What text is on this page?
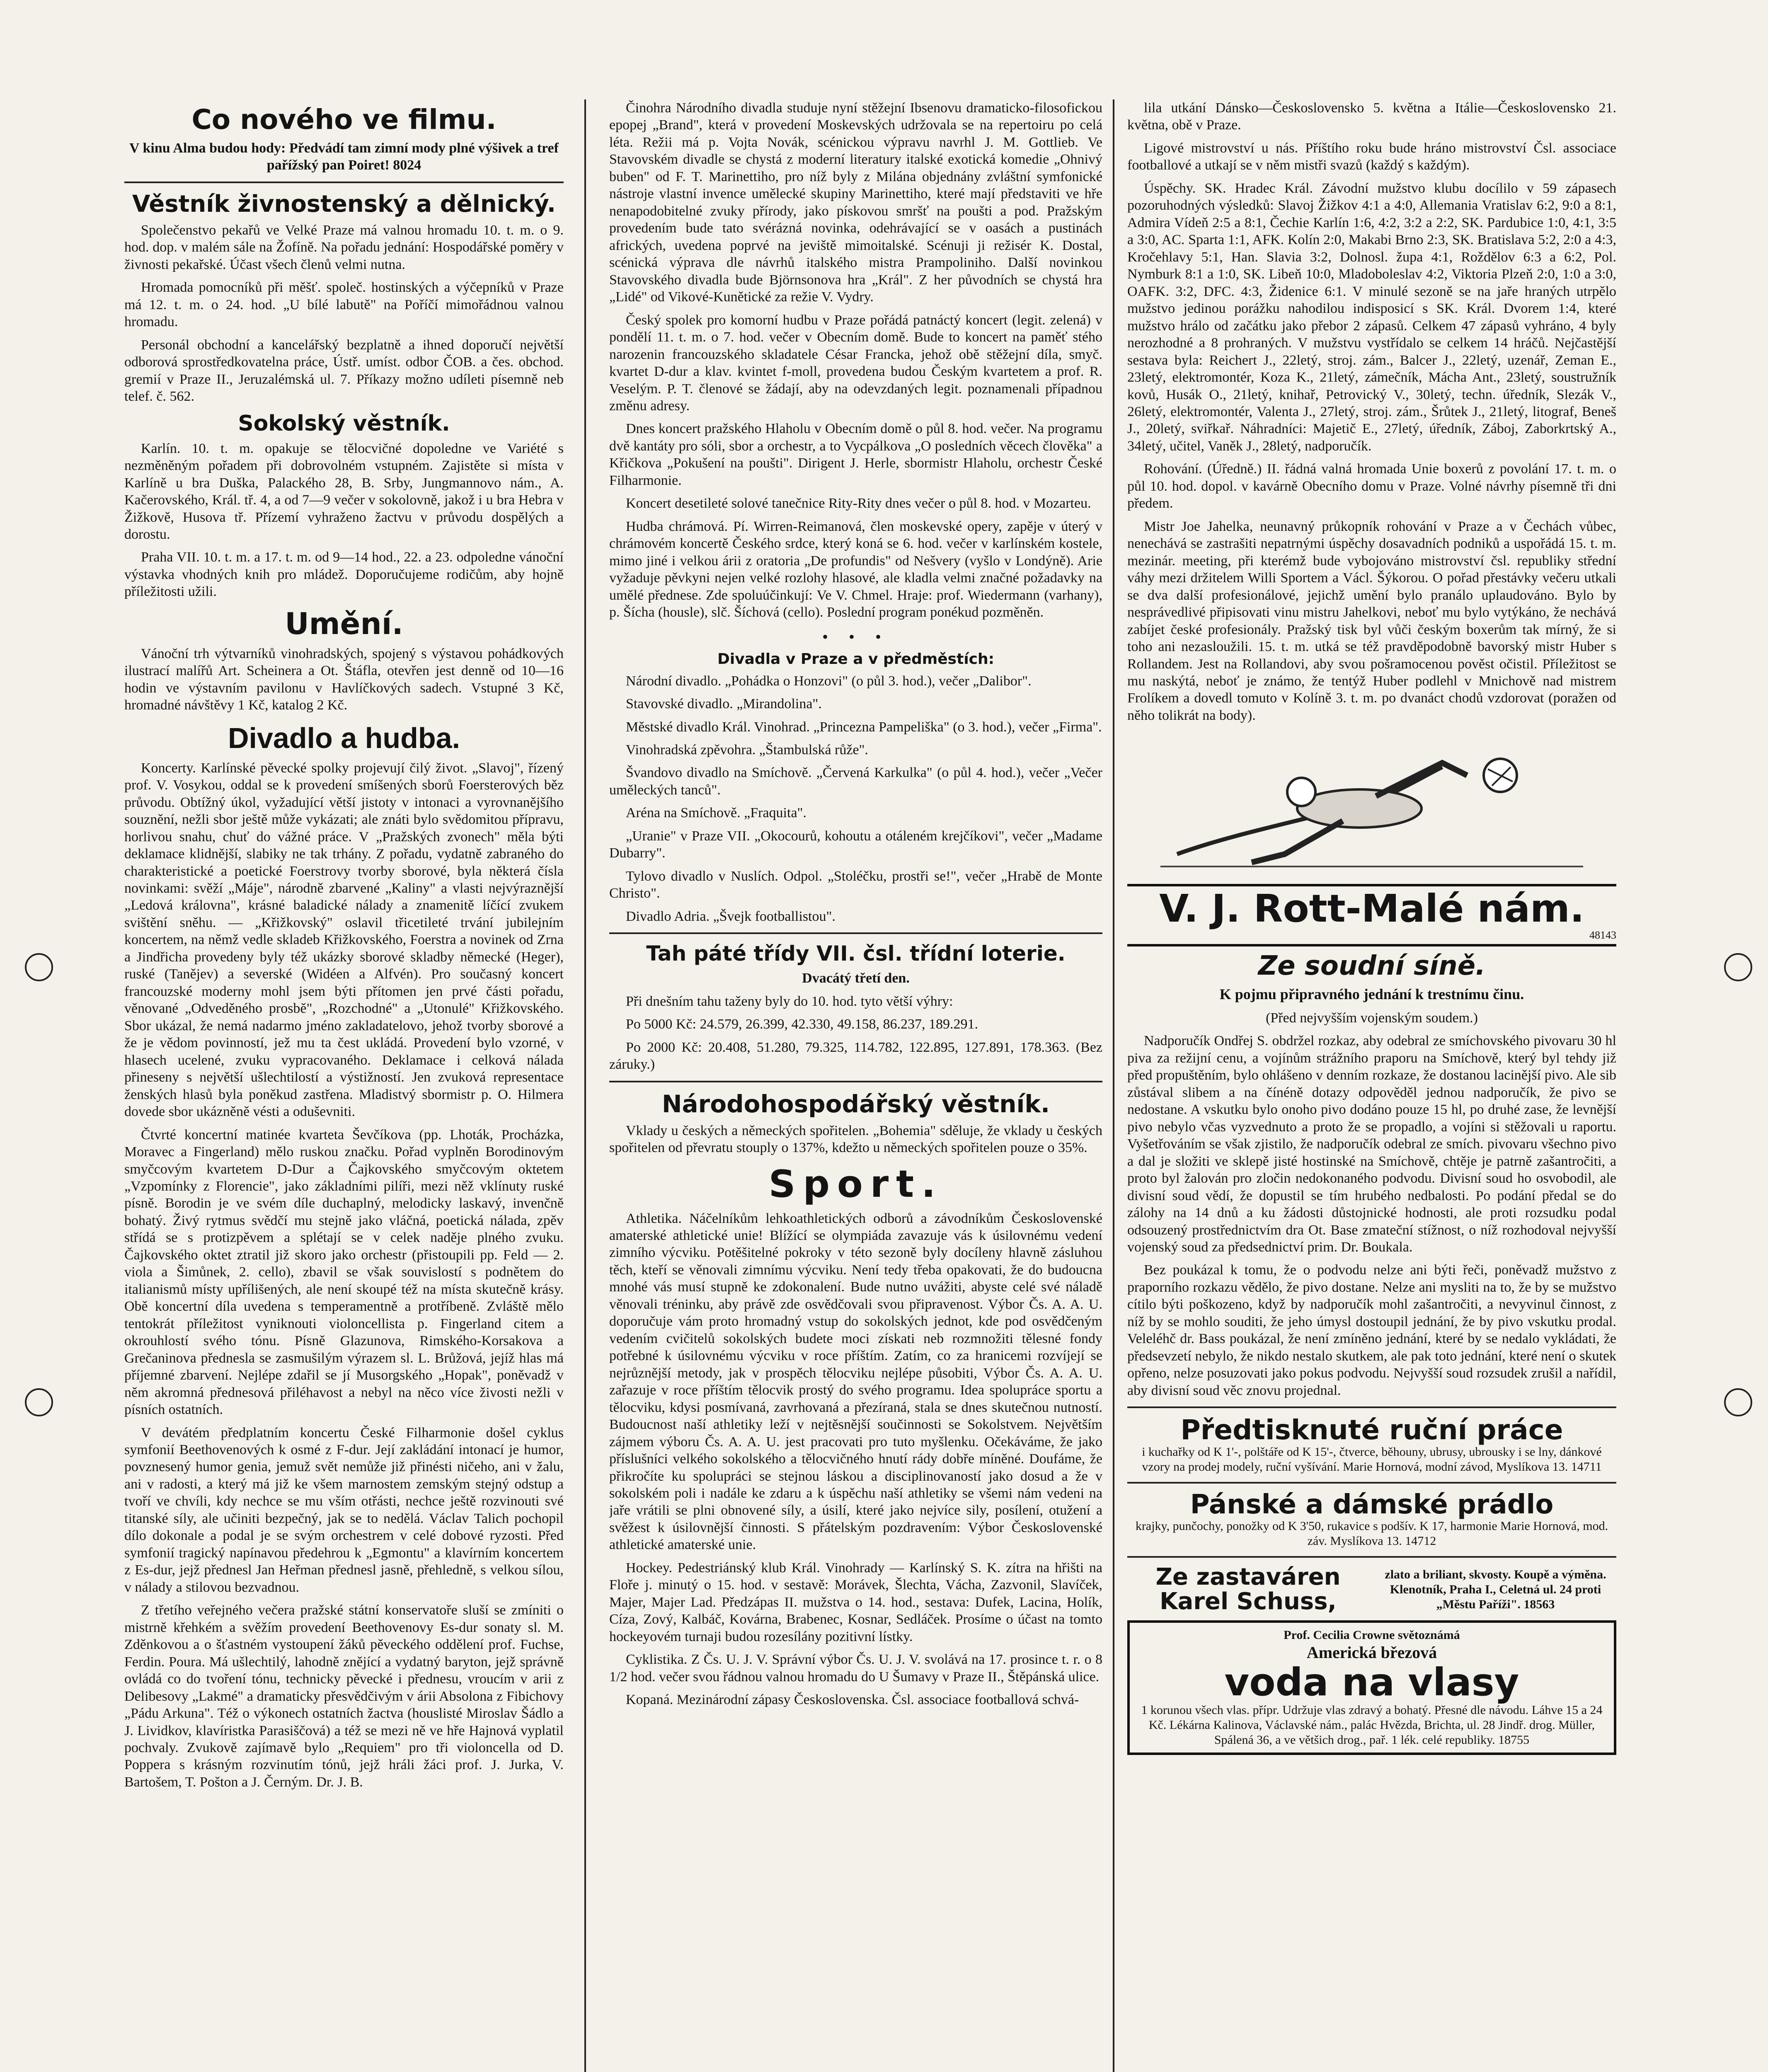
Co nového ve filmu.

V kinu Alma budou hody: Předvádí tam zimní mody plné výšivek a tref pařížský pan Poiret! 8024

Věstník živnostenský a dělnický.

Společenstvo pekařů ve Velké Praze má valnou hromadu 10. t. m. o 9. hod. dop. v malém sále na Žofíně. Na pořadu jednání: Hospodářské poměry v živnosti pekařské. Účast všech členů velmi nutna.

Hromada pomocníků při měšť. společ. hostinských a výčepníků v Praze má 12. t. m. o 24. hod. „U bílé labutě" na Poříčí mimořádnou valnou hromadu.

Personál obchodní a kancelářský bezplatně a ihned doporučí největší odborová sprostředkovatelna práce, Ústř. umíst. odbor ČOB. a čes. obchod. gremií v Praze II., Jeruzalémská ul. 7. Příkazy možno udíleti písemně neb telef. č. 562.

Sokolský věstník.

Karlín. 10. t. m. opakuje se tělocvičné dopoledne ve Variété s nezměněným pořadem při dobrovolném vstupném. Zajistěte si místa v Karlíně u bra Duška, Palackého 28, B. Srby, Jungmannovo nám., A. Kačerovského, Král. tř. 4, a od 7—9 večer v sokolovně, jakož i u bra Hebra v Žižkově, Husova tř. Přízemí vyhraženo žactvu v průvodu dospělých a dorostu.

Praha VII. 10. t. m. a 17. t. m. od 9—14 hod., 22. a 23. odpoledne vánoční výstavka vhodných knih pro mládež. Doporučujeme rodičům, aby hojně příležitosti užili.

Umění.

Vánoční trh výtvarníků vinohradských, spojený s výstavou pohádkových ilustrací malířů Art. Scheinera a Ot. Štáfla, otevřen jest denně od 10—16 hodin ve výstavním pavilonu v Havlíčkových sadech. Vstupné 3 Kč, hromadné návštěvy 1 Kč, katalog 2 Kč.

Divadlo a hudba.

Koncerty. Karlínské pěvecké spolky projevují čilý život. „Slavoj", řízený prof. V. Vosykou, oddal se k provedení smíšených sborů Foersterových běz průvodu. Obtížný úkol, vyžadující větší jistoty v intonaci a vyrovnanějšího souznění, nežli sbor ještě může vykázati; ale znáti bylo svědomitou přípravu, horlivou snahu, chuť do vážné práce. V „Pražských zvonech" měla býti deklamace klidnější, slabiky ne tak trhány. Z pořadu, vydatně zabraného do charakteristické a poetické Foerstrovy tvorby sborové, byla některá čísla novinkami: svěží „Máje", národně zbarvené „Kaliny" a vlasti nejvýraznější „Ledová královna", krásné baladické nálady a znamenitě líčící zvukem svištění sněhu. — „Křižkovský" oslavil třicetileté trvání jubilejním koncertem, na němž vedle skladeb Křižkovského, Foerstra a novinek od Zrna a Jindřicha provedeny byly též ukázky sborové skladby německé (Heger), ruské (Tanějev) a severské (Widéen a Alfvén). Pro současný koncert francouzské moderny mohl jsem býti přítomen jen prvé části pořadu, věnované „Odveděného prosbě", „Rozchodné" a „Utonulé" Křižkovského. Sbor ukázal, že nemá nadarmo jméno zakladatelovo, jehož tvorby sborové a že je vědom povinností, jež mu ta čest ukládá. Provedení bylo vzorné, v hlasech ucelené, zvuku vypracovaného. Deklamace i celková nálada přineseny s největší ušlechtilostí a výstižností. Jen zvuková representace ženských hlasů byla poněkud zastřena. Mladistvý sbormistr p. O. Hilmera dovede sbor ukázněně vésti a oduševniti.

Čtvrté koncertní matinée kvarteta Ševčíkova (pp. Lhoták, Procházka, Moravec a Fingerland) mělo ruskou značku. Pořad vyplněn Borodinovým smyčcovým kvartetem D-Dur a Čajkovského smyčcovým oktetem „Vzpomínky z Florencie", jako základními pilíři, mezi něž vklínuty ruské písně. Borodin je ve svém díle duchaplný, melodicky laskavý, invenčně bohatý. Živý rytmus svědčí mu stejně jako vláčná, poetická nálada, zpěv střídá se s protizpěvem a splétají se v celek naděje plného zvuku. Čajkovského oktet ztratil již skoro jako orchestr (přistoupili pp. Feld — 2. viola a Šimůnek, 2. cello), zbavil se však souvislostí s podnětem do italianismů místy upřílišených, ale není skoupé též na místa skutečně krásy. Obě koncertní díla uvedena s temperamentně a protříbeně. Zvláště mělo tentokrát příležitost vyniknouti violoncellista p. Fingerland citem a okrouhlostí svého tónu. Písně Glazunova, Rimského-Korsakova a Grečaninova přednesla se zasmušilým výrazem sl. L. Brůžová, jejíž hlas má příjemné zbarvení. Nejlépe zdařil se jí Musorgského „Hopak", poněvadž v něm akromná přednesová přiléhavost a nebyl na něco více živosti nežli v písních ostatních.

V devátém předplatním koncertu České Filharmonie došel cyklus symfonií Beethovenových k osmé z F-dur. Její zakládání intonací je humor, povznesený humor genia, jemuž svět nemůže již přinésti ničeho, ani v žalu, ani v radosti, a který má již ke všem marnostem zemským stejný odstup a tvoří ve chvíli, kdy nechce se mu vším otřásti, nechce ještě rozvinouti své titanské síly, ale učiniti bezpečný, jak se to nedělá. Václav Talich pochopil dílo dokonale a podal je se svým orchestrem v celé dobové ryzosti. Před symfonií tragický napínavou předehrou k „Egmontu" a klavírním koncertem z Es-dur, jejž přednesl Jan Heřman přednesl jasně, přehledně, s velkou sílou, v nálady a stilovou bezvadnou.

Z třetího veřejného večera pražské státní konservatoře sluší se zmíniti o mistrně křehkém a svěžím provedení Beethovenovy Es-dur sonaty sl. M. Zděnkovou a o šťastném vystoupení žáků pěveckého oddělení prof. Fuchse, Ferdin. Poura. Má ušlechtilý, lahodně znějící a vydatný baryton, jejž správně ovládá co do tvoření tónu, technicky pěvecké i přednesu, vroucím v arii z Delibesovy „Lakmé" a dramaticky přesvědčivým v árii Absolona z Fibichovy „Pádu Arkuna". Též o výkonech ostatních žactva (houslisté Miroslav Šádlo a J. Lividkov, klavíristka Parasiščová) a též se mezi ně ve hře Hajnová vyplatil pochvaly. Zvukově zajímavě bylo „Requiem" pro tři violoncella od D. Poppera s krásným rozvinutím tónů, jejž hráli žáci prof. J. Jurka, V. Bartošem, T. Pošton a J. Černým. Dr. J. B.

Činohra Národního divadla studuje nyní stěžejní Ibsenovu dramaticko-filosofickou epopej „Brand", která v provedení Moskevských udržovala se na repertoiru po celá léta. Režii má p. Vojta Novák, scénickou výpravu navrhl J. M. Gottlieb. Ve Stavovském divadle se chystá z moderní literatury italské exotická komedie „Ohnivý buben" od F. T. Marinettiho, pro níž byly z Milána objednány zvláštní symfonické nástroje vlastní invence umělecké skupiny Marinettiho, které mají představiti ve hře nenapodobitelné zvuky přírody, jako pískovou smršť na poušti a pod. Pražským provedením bude tato svérázná novinka, odehrávající se v oasách a pustinách afrických, uvedena poprvé na jeviště mimoitalské. Scénuji ji režisér K. Dostal, scénická výprava dle návrhů italského mistra Prampoliniho. Další novinkou Stavovského divadla bude Björnsonova hra „Král". Z her původních se chystá hra „Lidé" od Vikové-Kunětické za režie V. Vydry.

Český spolek pro komorní hudbu v Praze pořádá patnáctý koncert (legit. zelená) v pondělí 11. t. m. o 7. hod. večer v Obecním domě. Bude to koncert na paměť stého narozenin francouzského skladatele César Francka, jehož obě stěžejní díla, smyč. kvartet D-dur a klav. kvintet f-moll, provedena budou Českým kvartetem a prof. R. Veselým. P. T. členové se žádají, aby na odevzdaných legit. poznamenali případnou změnu adresy.

Dnes koncert pražského Hlaholu v Obecním domě o půl 8. hod. večer. Na programu dvě kantáty pro sóli, sbor a orchestr, a to Vycpálkova „O posledních věcech člověka" a Křičkova „Pokušení na poušti". Dirigent J. Herle, sbormistr Hlaholu, orchestr České Filharmonie.

Koncert desetileté solové tanečnice Rity-Rity dnes večer o půl 8. hod. v Mozarteu.

Hudba chrámová. Pí. Wirren-Reimanová, člen moskevské opery, zapěje v úterý v chrámovém koncertě Českého srdce, který koná se 6. hod. večer v karlínském kostele, mimo jiné i velkou árii z oratoria „De profundis" od Nešvery (vyšlo v Londýně). Arie vyžaduje pěvkyni nejen velké rozlohy hlasové, ale kladla velmi značné požadavky na umělé přednese. Zde spoluúčinkují: Ve V. Chmel. Hraje: prof. Wiedermann (varhany), p. Šícha (housle), slč. Šíchová (cello). Poslední program ponékud pozměněn.

• • •
Divadla v Praze a v předměstích:

Národní divadlo. „Pohádka o Honzovi" (o půl 3. hod.), večer „Dalibor".

Stavovské divadlo. „Mirandolina".

Městské divadlo Král. Vinohrad. „Princezna Pampeliška" (o 3. hod.), večer „Firma".

Vinohradská zpěvohra. „Štambulská růže".

Švandovo divadlo na Smíchově. „Červená Karkulka" (o půl 4. hod.), večer „Večer uměleckých tanců".

Aréna na Smíchově. „Fraquita".

„Uranie" v Praze VII. „Okocourů, kohoutu a otáleném krejčíkovi", večer „Madame Dubarry".

Tylovo divadlo v Nuslích. Odpol. „Stoléčku, prostři se!", večer „Hrabě de Monte Christo".

Divadlo Adria. „Švejk footballistou".

Tah páté třídy VII. čsl. třídní loterie.

Dvacátý třetí den.

Při dnešním tahu taženy byly do 10. hod. tyto větší výhry:

Po 5000 Kč: 24.579, 26.399, 42.330, 49.158, 86.237, 189.291.

Po 2000 Kč: 20.408, 51.280, 79.325, 114.782, 122.895, 127.891, 178.363. (Bez záruky.)

Národohospodářský věstník.

Vklady u českých a německých spořitelen. „Bohemia" sděluje, že vklady u českých spořitelen od převratu stouply o 137%, kdežto u německých spořitelen pouze o 35%.

Sport.

Athletika. Náčelníkům lehkoathletických odborů a závodníkům Československé amaterské athletické unie! Blížící se olympiáda zavazuje vás k úsilovnému vedení zimního výcviku. Potěšitelné pokroky v této sezoně byly docíleny hlavně zásluhou těch, kteří se věnovali zimnímu výcviku. Není tedy třeba opakovati, že do budoucna mnohé vás musí stupně ke zdokonalení. Bude nutno uvážiti, abyste celé své náladě věnovali tréninku, aby právě zde osvědčovali svou připravenost. Výbor Čs. A. A. U. doporučuje vám proto hromadný vstup do sokolských jednot, kde pod osvědčeným vedením cvičitelů sokolských budete moci získati neb rozmnožiti tělesné fondy potřebné k úsilovnému výcviku v roce příštím. Zatím, co za hranicemi rozvíjejí se nejrůznější metody, jak v prospěch tělocviku nejlépe působiti, Výbor Čs. A. A. U. zařazuje v roce příštím tělocvik prostý do svého programu. Idea spolupráce sportu a tělocviku, kdysi posmívaná, zavrhovaná a přezíraná, stala se dnes skutečnou nutností. Budoucnost naší athletiky leží v nejtěsnější součinnosti se Sokolstvem. Největším zájmem výboru Čs. A. A. U. jest pracovati pro tuto myšlenku. Očekáváme, že jako příslušníci velkého sokolského a tělocvičného hnutí rády dobře míněné. Doufáme, že přikročíte ku spolupráci se stejnou láskou a disciplinovaností jako dosud a že v sokolském poli i nadále ke zdaru a k úspěchu naší athletiky se všemi nám vedeni na jaře vrátili se plni obnovené síly, a úsilí, které jako nejvíce sily, posílení, otužení a svěžest k úsilovnější činnosti. S přátelským pozdravením: Výbor Československé athletické amaterské unie.

Hockey. Pedestriánský klub Král. Vinohrady — Karlínský S. K. zítra na hřišti na Floře j. minutý o 15. hod. v sestavě: Morávek, Šlechta, Vácha, Zazvonil, Slavíček, Majer, Majer Lad. Předzápas II. mužstva o 14. hod., sestava: Dufek, Lacina, Holík, Cíza, Zový, Kalbáč, Kovárna, Brabenec, Kosnar, Sedláček. Prosíme o účast na tomto hockeyovém turnaji budou rozesílány pozitivní lístky.

Cyklistika. Z Čs. U. J. V. Správní výbor Čs. U. J. V. svolává na 17. prosince t. r. o 8 1/2 hod. večer svou řádnou valnou hromadu do U Šumavy v Praze II., Štěpánská ulice.

Kopaná. Mezinárodní zápasy Československa. Čsl. associace footballová schvá-

lila utkání Dánsko—Československo 5. května a Itálie—Československo 21. května, obě v Praze.

Ligové mistrovství u nás. Příštího roku bude hráno mistrovství Čsl. associace footballové a utkají se v něm mistři svazů (každý s každým).

Úspěchy. SK. Hradec Král. Závodní mužstvo klubu docílilo v 59 zápasech pozoruhodných výsledků: Slavoj Žižkov 4:1 a 4:0, Allemania Vratislav 6:2, 9:0 a 8:1, Admira Vídeň 2:5 a 8:1, Čechie Karlín 1:6, 4:2, 3:2 a 2:2, SK. Pardubice 1:0, 4:1, 3:5 a 3:0, AC. Sparta 1:1, AFK. Kolín 2:0, Makabi Brno 2:3, SK. Bratislava 5:2, 2:0 a 4:3, Kročehlavy 5:1, Han. Slavia 3:2, Dolnosl. župa 4:1, Roždělov 6:3 a 6:2, Pol. Nymburk 8:1 a 1:0, SK. Libeň 10:0, Mladoboleslav 4:2, Viktoria Plzeň 2:0, 1:0 a 3:0, OAFK. 3:2, DFC. 4:3, Židenice 6:1. V minulé sezoně se na jaře hraných utrpělo mužstvo jedinou porážku nahodilou indisposicí s SK. Král. Dvorem 1:4, které mužstvo hrálo od začátku jako přebor 2 zápasů. Celkem 47 zápasů vyhráno, 4 byly nerozhodné a 8 prohraných. V mužstvu vystřídalo se celkem 14 hráčů. Nejčastější sestava byla: Reichert J., 22letý, stroj. zám., Balcer J., 22letý, uzenář, Zeman E., 23letý, elektromontér, Koza K., 21letý, zámečník, Mácha Ant., 23letý, soustružník kovů, Husák O., 21letý, knihař, Petrovický V., 30letý, techn. úředník, Slezák V., 26letý, elektromontér, Valenta J., 27letý, stroj. zám., Šrůtek J., 21letý, litograf, Beneš J., 20letý, sviřkař. Náhradníci: Majetič E., 27letý, úředník, Záboj, Zaborkrtský A., 34letý, učitel, Vaněk J., 28letý, nadporučík.

Rohování. (Úředně.) II. řádná valná hromada Unie boxerů z povolání 17. t. m. o půl 10. hod. dopol. v kavárně Obecního domu v Praze. Volné návrhy písemně tři dni předem.

Mistr Joe Jahelka, neunavný průkopník rohování v Praze a v Čechách vůbec, nenechává se zastrašiti nepatrnými úspěchy dosavadních podniků a uspořádá 15. t. m. mezinár. meeting, při kterémž bude vybojováno mistrovství čsl. republiky střední váhy mezi držitelem Willi Sportem a Václ. Šýkorou. O pořad přestávky večeru utkali se dva další profesionálové, jejichž umění bylo pranálo uplaudováno. Bylo by nesprávedlivé připisovati vinu mistru Jahelkovi, neboť mu bylo vytýkáno, že nechává zabíjet české profesionály. Pražský tisk byl vůči českým boxerům tak mírný, že si toho ani nezasloužili. 15. t. m. utká se též pravděpodobně bavorský mistr Huber s Rollandem. Jest na Rollandovi, aby svou pošramocenou pověst očistil. Příležitost se mu naskýtá, neboť je známo, že tentýž Huber podlehl v Mnichově nad mistrem Frolíkem a dovedl tomuto v Kolíně 3. t. m. po dvanáct chodů vzdorovat (poražen od něho tolikrát na body).

V. J. Rott-Malé nám.
48143
Ze soudní síně.

K pojmu připravného jednání k trestnímu činu.

(Před nejvyšším vojenským soudem.)

Nadporučík Ondřej S. obdržel rozkaz, aby odebral ze smíchovského pivovaru 30 hl piva za režijní cenu, a vojínům strážního praporu na Smíchově, který byl tehdy již před propuštěním, bylo ohlášeno v denním rozkaze, že dostanou lacinější pivo. Ale sib zůstával slibem a na čínéně dotazy odpověděl jednou nadporučík, že pivo se nedostane. A vskutku bylo onoho pivo dodáno pouze 15 hl, po druhé zase, že levnější pivo nebylo včas vyzvednuto a proto že se propadlo, a vojíni si stěžovali u raportu. Vyšetřováním se však zjistilo, že nadporučík odebral ze smích. pivovaru všechno pivo a dal je složiti ve sklepě jisté hostinské na Smíchově, chtěje je patrně zašantročiti, a proto byl žalován pro zločin nedokonaného podvodu. Divisní soud ho osvobodil, ale divisní soud vědí, že dopustil se tím hrubého nedbalosti. Po podání předal se do zálohy na 14 dnů a ku žádosti důstojnické hodnosti, ale proti rozsudku podal odsouzený prostřednictvím dra Ot. Base zmateční stížnost, o níž rozhodoval nejvyšší vojenský soud za předsednictví prim. Dr. Boukala.

Bez poukázal k tomu, že o podvodu nelze ani býti řeči, poněvadž mužstvo z praporního rozkazu vědělo, že pivo dostane. Nelze ani mysliti na to, že by se mužstvo cítilo býti poškozeno, když by nadporučík mohl zašantročiti, a nevyvinul činnost, z níž by se mohlo souditi, že jeho úmysl dostoupil jednání, že by pivo vskutku prodal. Veleléhč dr. Bass poukázal, že není zmíněno jednání, které by se nedalo vykládati, že předsevzetí nebylo, že nikdo nestalo skutkem, ale pak toto jednání, které není o skutek opřeno, nelze posuzovati jako pokus podvodu. Nejvyšší soud rozsudek zrušil a nařídil, aby divisní soud věc znovu projednal.

Předtisknuté ruční práce

i kuchařky od K 1'-, polštáře od K 15'-, čtverce, běhouny, ubrusy, ubrousky i se lny, dánkové vzory na prodej modely, ruční vyšívání. Marie Hornová, modní závod, Myslíkova 13. 14711

Pánské a dámské prádlo

krajky, punčochy, ponožky od K 3'50, rukavice s podšív. K 17, harmonie Marie Hornová, mod. záv. Myslíkova 13. 14712

Ze zastaváren Karel Schuss,

zlato a briliant, skvosty. Koupě a výměna. Klenotník, Praha I., Celetná ul. 24 proti „Městu Paříži". 18563

Prof. Cecilia Crowne světoznámá

Americká březová

voda na vlasy

1 korunou všech vlas. přípr. Udržuje vlas zdravý a bohatý. Přesné dle návodu. Láhve 15 a 24 Kč. Lékárna Kalinova, Václavské nám., palác Hvězda, Brichta, ul. 28 Jindř. drog. Müller, Spálená 36, a ve většich drog., pař. 1 lék. celé republiky. 18755
